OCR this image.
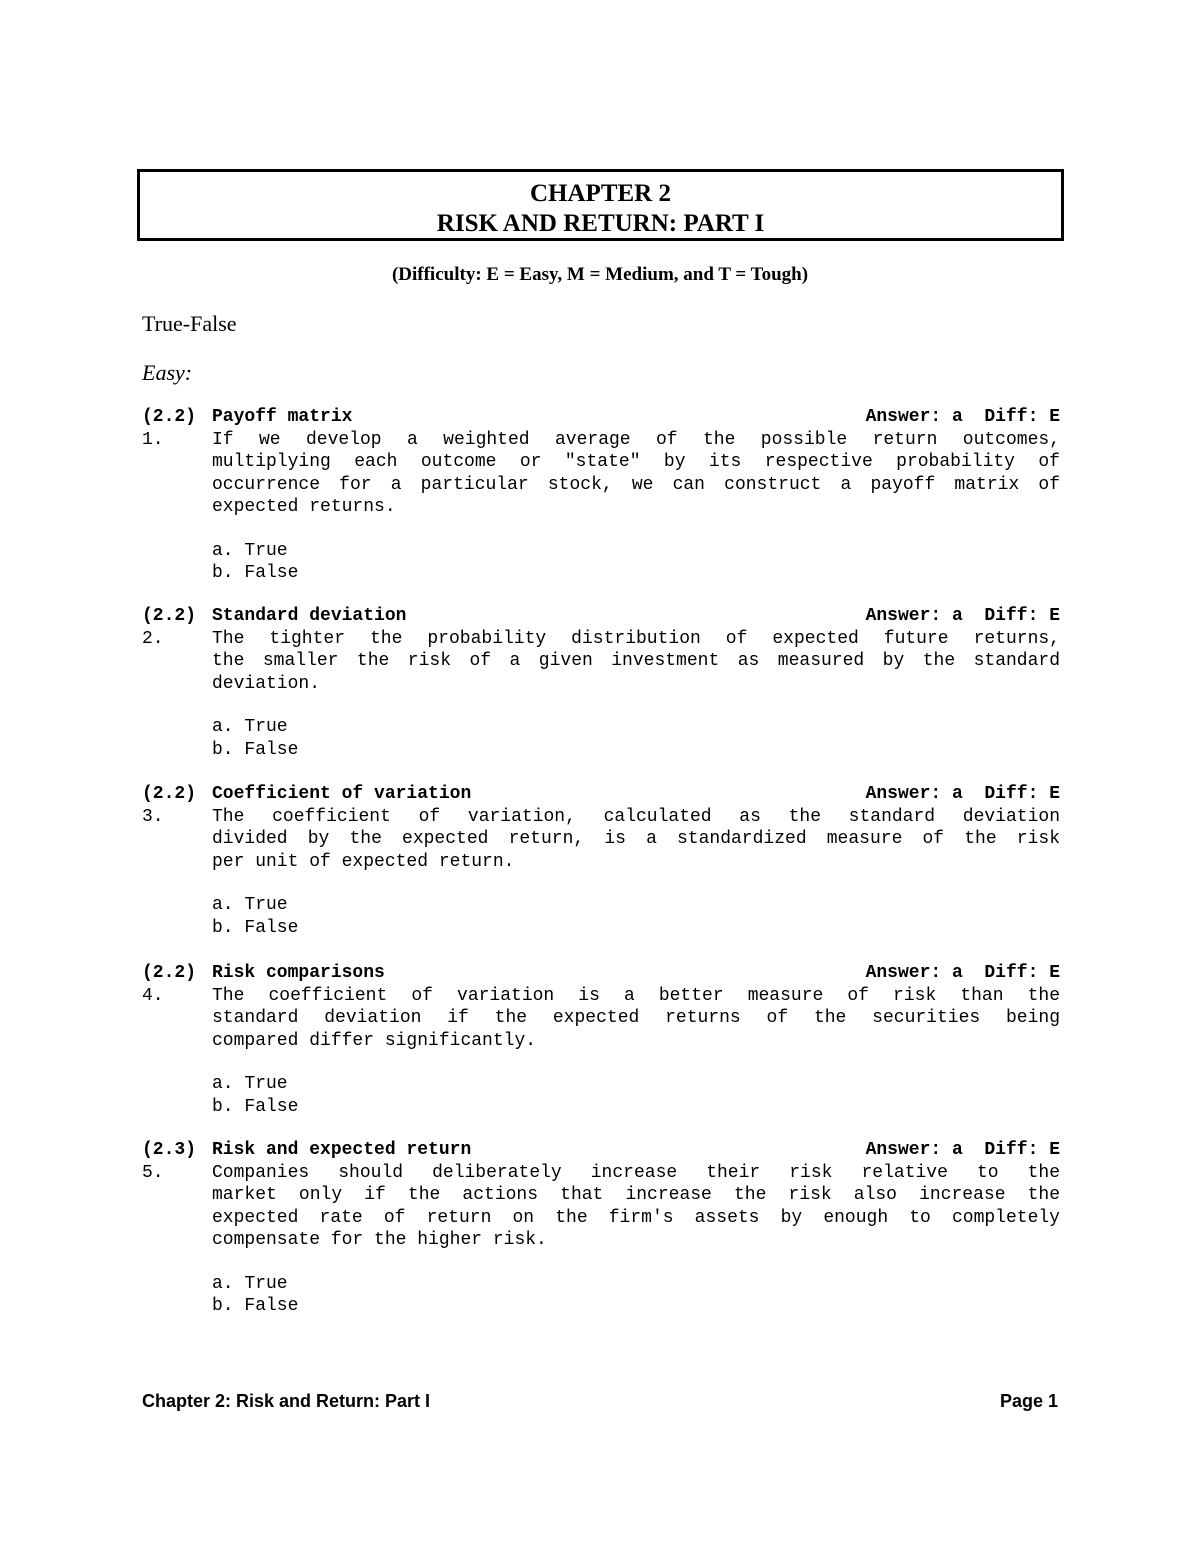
CHAPTER 2
RISK AND RETURN: PART I
(Difficulty: E = Easy, M = Medium, and T = Tough)
True-False
Easy:

(2.2)

Payoff matrix

	Answer: a  Diff: E

1.	If we develop a weighted average of the possible return outcomes,
multiplying each outcome or "state" by its respective probability of
occurrence for a particular stock, we can construct a payoff matrix of
expected returns.
a. True
b. False

(2.2)

Standard deviation

	Answer: a  Diff: E

2.	The tighter the probability distribution of expected future returns,
the smaller the risk of a given investment as measured by the standard
deviation.
a. True
b. False

(2.2)

Coefficient of variation

	Answer: a  Diff: E

3.	The coefficient of variation, calculated as the standard deviation
divided by the expected return, is a standardized measure of the risk
per unit of expected return.
a. True
b. False

(2.2)

Risk comparisons

	Answer: a  Diff: E

4.	The coefficient of variation is a better measure of risk than the
standard deviation if the expected returns of the securities being
compared differ significantly.
a. True
b. False

(2.3)

Risk and expected return

	Answer: a  Diff: E

5.	Companies should deliberately increase their risk relative to the
market only if the actions that increase the risk also increase the
expected rate of return on the firm's assets by enough to completely
compensate for the higher risk.
a. True
b. False
Chapter 2: Risk and Return: Part I	Page 1
